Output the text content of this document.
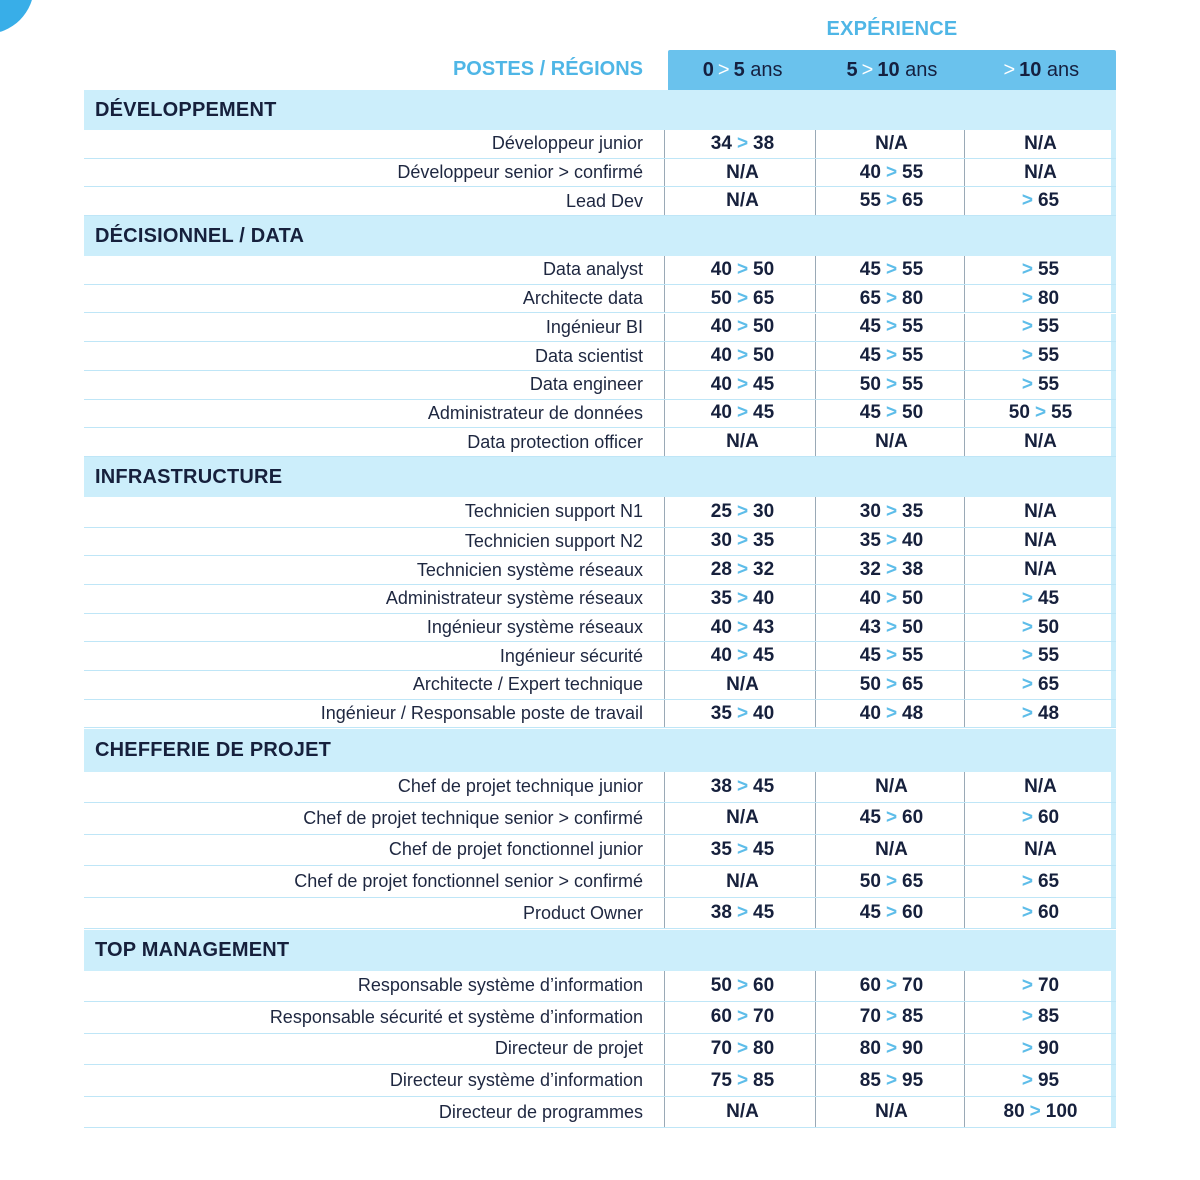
EXPÉRIENCE
POSTES / RÉGIONS	0 > 5 ans	5 > 10 ans	> 10 ans
DÉVELOPPEMENT
Développeur junior	34 > 38	N/A	N/A
Développeur senior > confirmé	N/A	40 > 55	N/A
Lead Dev	N/A	55 > 65	> 65
DÉCISIONNEL / DATA
Data analyst	40 > 50	45 > 55	> 55
Architecte data	50 > 65	65 > 80	> 80
Ingénieur BI	40 > 50	45 > 55	> 55
Data scientist	40 > 50	45 > 55	> 55
Data engineer	40 > 45	50 > 55	> 55
Administrateur de données	40 > 45	45 > 50	50 > 55
Data protection officer	N/A	N/A	N/A
INFRASTRUCTURE
Technicien support N1	25 > 30	30 > 35	N/A
Technicien support N2	30 > 35	35 > 40	N/A
Technicien système réseaux	28 > 32	32 > 38	N/A
Administrateur système réseaux	35 > 40	40 > 50	> 45
Ingénieur système réseaux	40 > 43	43 > 50	> 50
Ingénieur sécurité	40 > 45	45 > 55	> 55
Architecte / Expert technique	N/A	50 > 65	> 65
Ingénieur / Responsable poste de travail	35 > 40	40 > 48	> 48
CHEFFERIE DE PROJET
Chef de projet technique junior	38 > 45	N/A	N/A
Chef de projet technique senior > confirmé	N/A	45 > 60	> 60
Chef de projet fonctionnel junior	35 > 45	N/A	N/A
Chef de projet fonctionnel senior > confirmé	N/A	50 > 65	> 65
Product Owner	38 > 45	45 > 60	> 60
TOP MANAGEMENT
Responsable système d’information	50 > 60	60 > 70	> 70
Responsable sécurité et système d’information	60 > 70	70 > 85	> 85
Directeur de projet	70 > 80	80 > 90	> 90
Directeur système d’information	75 > 85	85 > 95	> 95
Directeur de programmes	N/A	N/A	80 > 100
